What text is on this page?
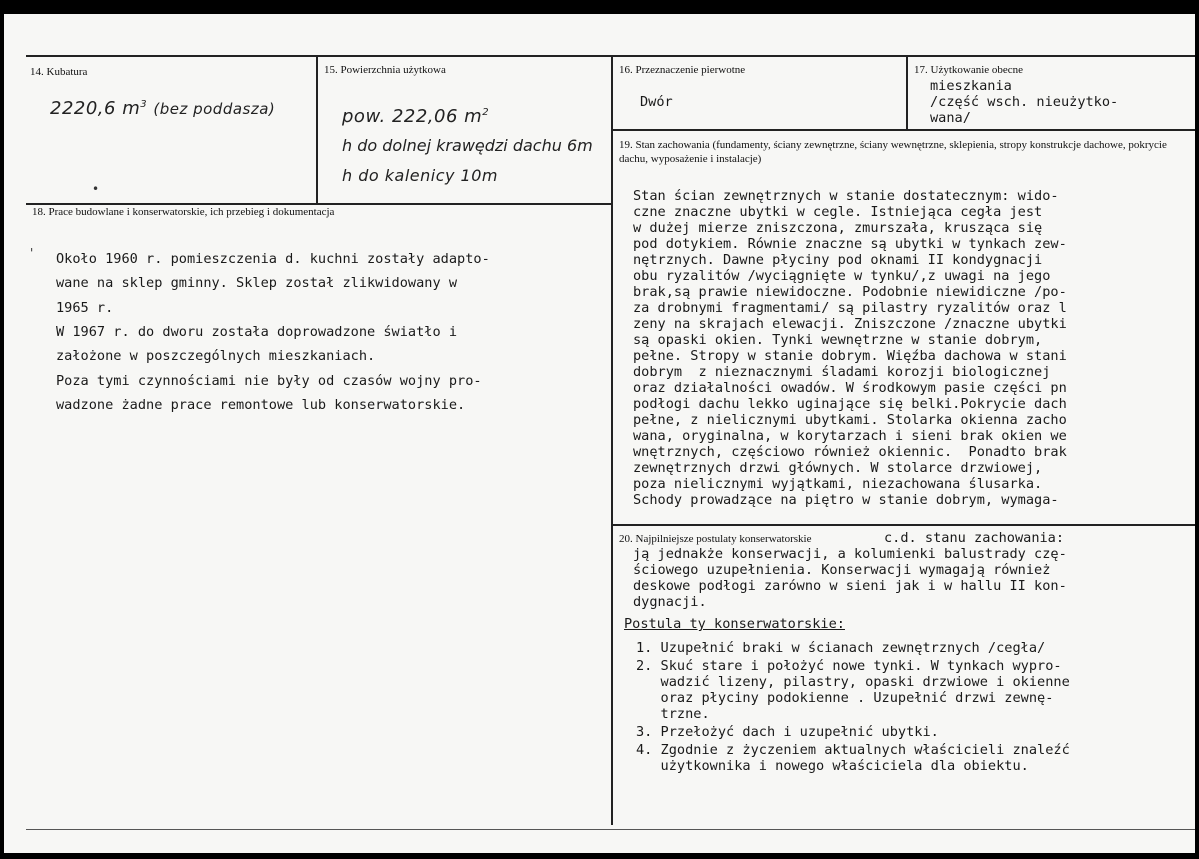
14. Kubatura
2220,6 $m^3$ (bez poddasza)
15. Powierzchnia użytkowa
pow. 222,06 $m^2$
h do dolnej krawędzi dachu 6m
h do kalenicy 10m
16. Przeznaczenie pierwotne
Dwór
17. Użytkowanie obecne
mieszkania
/część wsch. nieużytko-
wana/
18. Prace budowlane i konserwatorskie, ich przebieg i dokumentacja
Około 1960 r. pomieszczenia d. kuchni zostały adapto-
wane na sklep gminny. Sklep został zlikwidowany w
1965 r.
W 1967 r. do dworu została doprowadzone światło i
założone w poszczególnych mieszkaniach.
Poza tymi czynnościami nie były od czasów wojny pro-
wadzone żadne prace remontowe lub konserwatorskie.
19. Stan zachowania (fundamenty, ściany zewnętrzne, ściany wewnętrzne, sklepienia, stropy konstrukcje dachowe, pokrycie dachu, wyposażenie i instalacje)
Stan ścian zewnętrznych w stanie dostatecznym: wido-
czne znaczne ubytki w cegle. Istniejąca cegła jest
w dużej mierze zniszczona, zmurszała, krusząca się
pod dotykiem. Równie znaczne są ubytki w tynkach zew-
nętrznych. Dawne płyciny pod oknami II kondygnacji
obu ryzalitów /wyciągnięte w tynku/,z uwagi na jego
brak,są prawie niewidoczne. Podobnie niewidiczne /po-
za drobnymi fragmentami/ są pilastry ryzalitów oraz l
zeny na skrajach elewacji. Zniszczone /znaczne ubytki
są opaski okien. Tynki wewnętrzne w stanie dobrym,
pełne. Stropy w stanie dobrym. Więźba dachowa w stani
dobrym  z nieznacznymi śladami korozji biologicznej
oraz działalności owadów. W środkowym pasie części pn
podłogi dachu lekko uginające się belki.Pokrycie dach
pełne, z nielicznymi ubytkami. Stolarka okienna zacho
wana, oryginalna, w korytarzach i sieni brak okien we
wnętrznych, częściowo również okiennic.  Ponadto brak
zewnętrznych drzwi głównych. W stolarce drzwiowej,
poza nielicznymi wyjątkami, niezachowana ślusarka.
Schody prowadzące na piętro w stanie dobrym, wymaga-
20. Najpilniejsze postulaty konserwatorskie	c.d. stanu zachowania:
ją jednakże konserwacji, a kolumienki balustrady czę-
ściowego uzupełnienia. Konserwacji wymagają również
deskowe podłogi zarówno w sieni jak i w hallu II kon-
dygnacji.
Postula ty konserwatorskie:
1. Uzupełnić braki w ścianach zewnętrznych /cegła/
2. Skuć stare i położyć nowe tynki. W tynkach wypro-
wadzić lizeny, pilastry, opaski drzwiowe i okienne
oraz płyciny podokienne . Uzupełnić drzwi zewnę-
trzne.
3. Przełożyć dach i uzupełnić ubytki.
4. Zgodnie z życzeniem aktualnych właścicieli znaleźć
użytkownika i nowego właściciela dla obiektu.
•
'
